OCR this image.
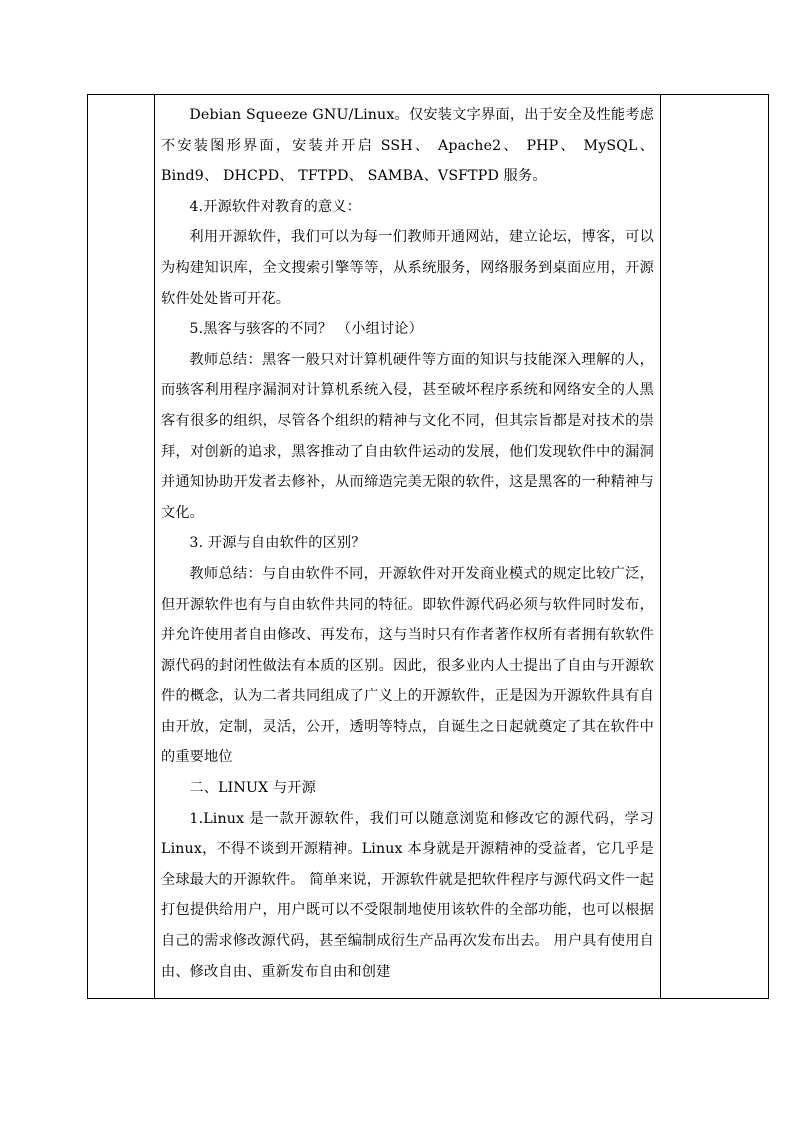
Debian Squeeze GNU/Linux。仅安装文字界面，出于安全及性能考虑不安装图形界面，安装并开启 SSH、 Apache2、 PHP、 MySQL、 Bind9、 DHCPD、 TFTPD、 SAMBA、VSFTPD 服务。

4.开源软件对教育的意义：

利用开源软件，我们可以为每一们教师开通网站，建立论坛，博客，可以为构建知识库，全文搜索引擎等等，从系统服务，网络服务到桌面应用，开源软件处处皆可开花。

5.黑客与骇客的不同？ （小组讨论）

教师总结：黑客一般只对计算机硬件等方面的知识与技能深入理解的人，而骇客利用程序漏洞对计算机系统入侵，甚至破坏程序系统和网络安全的人黑客有很多的组织，尽管各个组织的精神与文化不同，但其宗旨都是对技术的崇拜，对创新的追求，黑客推动了自由软件运动的发展，他们发现软件中的漏洞并通知协助开发者去修补，从而缔造完美无限的软件，这是黑客的一种精神与文化。

3. 开源与自由软件的区别？

教师总结：与自由软件不同，开源软件对开发商业模式的规定比较广泛，但开源软件也有与自由软件共同的特征。即软件源代码必须与软件同时发布，并允许使用者自由修改、再发布，这与当时只有作者著作权所有者拥有软软件源代码的封闭性做法有本质的区别。因此，很多业内人士提出了自由与开源软件的概念，认为二者共同组成了广义上的开源软件，正是因为开源软件具有自由开放，定制，灵活，公开，透明等特点，自诞生之日起就奠定了其在软件中的重要地位

二、LINUX 与开源

1.Linux 是一款开源软件，我们可以随意浏览和修改它的源代码，学习 Linux，不得不谈到开源精神。Linux 本身就是开源精神的受益者，它几乎是全球最大的开源软件。 简单来说，开源软件就是把软件程序与源代码文件一起打包提供给用户，用户既可以不受限制地使用该软件的全部功能，也可以根据自己的需求修改源代码，甚至编制成衍生产品再次发布出去。 用户具有使用自由、修改自由、重新发布自由和创建
